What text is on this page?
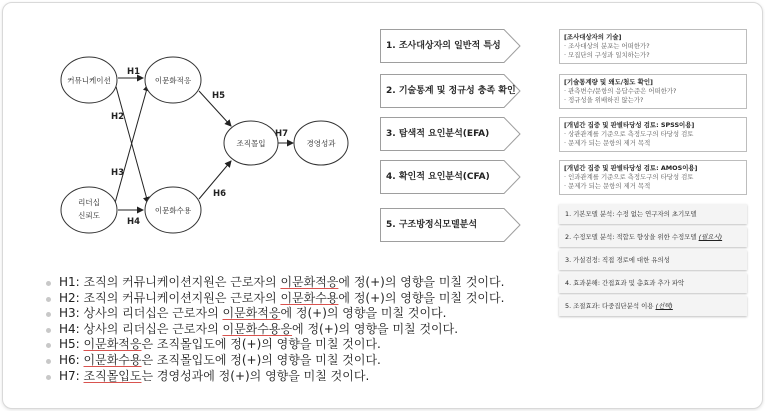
커뮤니케이션
리더십
신뢰도
이문화적응
이문화수용
조직몰입	경영성과
H1
H2
H3
H4
H5
H6
H7
H1: 조직의 커뮤니케이션지원은 근로자의 이문화적응에 정(+)의 영향을 미칠 것이다.
H2: 조직의 커뮤니케이션지원은 근로자의 이문화수용에 정(+)의 영향을 미칠 것이다.
H3: 상사의 리더십은 근로자의 이문화적응에 정(+)의 영향을 미칠 것이다.
H4: 상사의 리더십은 근로자의 이문화수용응에 정(+)의 영향을 미칠 것이다.
H5: 이문화적응은 조직몰입도에 정(+)의 영향을 미칠 것이다.
H6: 이문화수용은 조직몰입도에 정(+)의 영향을 미칠 것이다.
H7: 조직몰입도는 경영성과에 정(+)의 영향을 미칠 것이다.
1. 조사대상자의 일반적 특성
2. 기술통계 및 정규성 충족 확인
3. 탐색적 요인분석(EFA)
4. 확인적 요인분석(CFA)
5. 구조방정식모델분석
[조사대상자의 기술]
· 조사대상의 분포는 어떠한가?
· 모집단의 구성과 일치하는가?
[기술통계량 및 왜도/첨도 확인]
· 관측변수/문항의 응답수준은 어떠한가?
· 정규성을 위배하진 않는가?
[개념간 집중 및 판별타당성 검토: SPSS이용]
· 상관관계를 기준으로 측정도구의 타당성 검토
· 문제가 되는 문항의 제거 목적
[개념간 집중 및 판별타당성 검토: AMOS이용]
· 인과관계를 기준으로 측정도구의 타당성 검토
· 문제가 되는 문항의 제거 목적
1. 기본모델 분석: 수정 없는 연구자의 초기모델
2. 수정모델 분석: 적합도 향상을 위한 수정모델 (필요시)
3. 가설검정: 직접 경로에 대한 유의성
4. 효과분해: 간접효과 및 총효과 추가 파악
5. 조절효과: 다중집단분석 이용 (선택)
